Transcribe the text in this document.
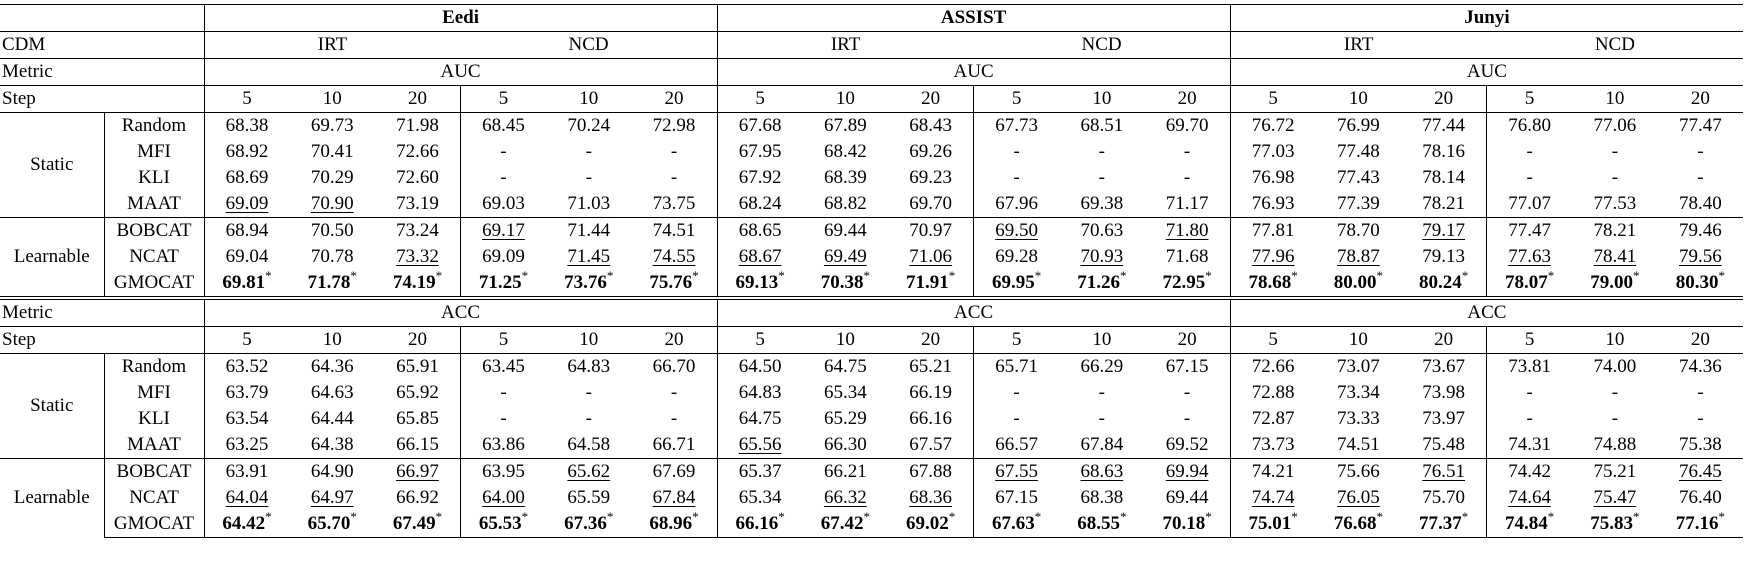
		Eedi						ASSIST						Junyi					
CDM		IRT			NCD			IRT			NCD			IRT			NCD		
Metric		AUC						AUC						AUC					
Step		5	10	20	5	10	20	5	10	20	5	10	20	5	10	20	5	10	20
Static	Random	68.38	69.73	71.98	68.45	70.24	72.98	67.68	67.89	68.43	67.73	68.51	69.70	76.72	76.99	77.44	76.80	77.06	77.47
	MFI	68.92	70.41	72.66	-	-	-	67.95	68.42	69.26	-	-	-	77.03	77.48	78.16	-	-	-
	KLI	68.69	70.29	72.60	-	-	-	67.92	68.39	69.23	-	-	-	76.98	77.43	78.14	-	-	-
	MAAT	69.09	70.90	73.19	69.03	71.03	73.75	68.24	68.82	69.70	67.96	69.38	71.17	76.93	77.39	78.21	77.07	77.53	78.40
Learnable	BOBCAT	68.94	70.50	73.24	69.17	71.44	74.51	68.65	69.44	70.97	69.50	70.63	71.80	77.81	78.70	79.17	77.47	78.21	79.46
	NCAT	69.04	70.78	73.32	69.09	71.45	74.55	68.67	69.49	71.06	69.28	70.93	71.68	77.96	78.87	79.13	77.63	78.41	79.56
	GMOCAT	69.81*	71.78*	74.19*	71.25*	73.76*	75.76*	69.13*	70.38*	71.91*	69.95*	71.26*	72.95*	78.68*	80.00*	80.24*	78.07*	79.00*	80.30*
Metric		ACC						ACC						ACC					
Step		5	10	20	5	10	20	5	10	20	5	10	20	5	10	20	5	10	20
Static	Random	63.52	64.36	65.91	63.45	64.83	66.70	64.50	64.75	65.21	65.71	66.29	67.15	72.66	73.07	73.67	73.81	74.00	74.36
	MFI	63.79	64.63	65.92	-	-	-	64.83	65.34	66.19	-	-	-	72.88	73.34	73.98	-	-	-
	KLI	63.54	64.44	65.85	-	-	-	64.75	65.29	66.16	-	-	-	72.87	73.33	73.97	-	-	-
	MAAT	63.25	64.38	66.15	63.86	64.58	66.71	65.56	66.30	67.57	66.57	67.84	69.52	73.73	74.51	75.48	74.31	74.88	75.38
Learnable	BOBCAT	63.91	64.90	66.97	63.95	65.62	67.69	65.37	66.21	67.88	67.55	68.63	69.94	74.21	75.66	76.51	74.42	75.21	76.45
	NCAT	64.04	64.97	66.92	64.00	65.59	67.84	65.34	66.32	68.36	67.15	68.38	69.44	74.74	76.05	75.70	74.64	75.47	76.40
	GMOCAT	64.42*	65.70*	67.49*	65.53*	67.36*	68.96*	66.16*	67.42*	69.02*	67.63*	68.55*	70.18*	75.01*	76.68*	77.37*	74.84*	75.83*	77.16*
